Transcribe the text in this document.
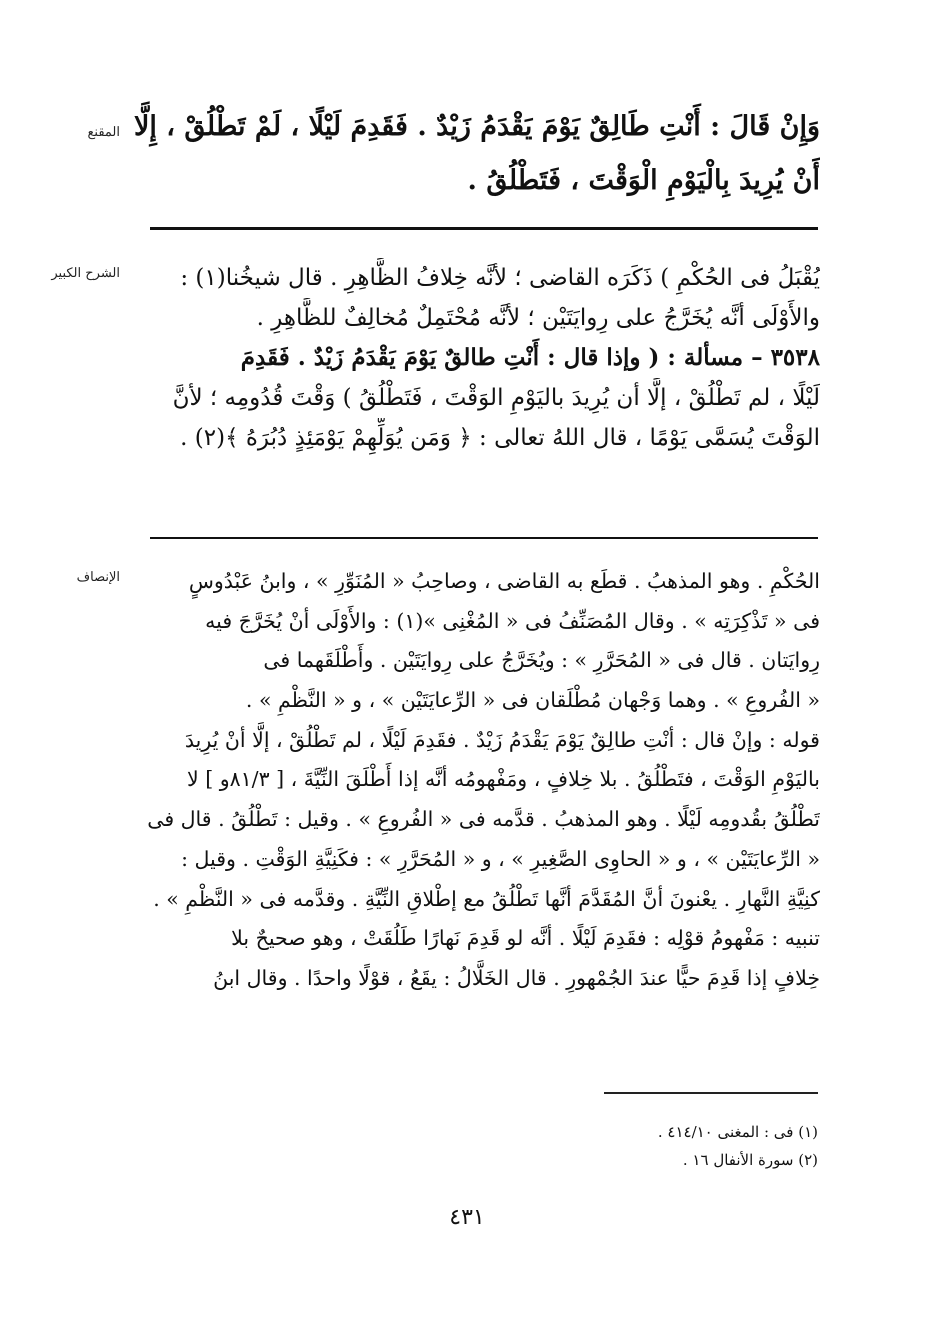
المقنع وَإِنْ قَالَ : أَنْتِ طَالِقٌ يَوْمَ يَقْدَمُ زَيْدٌ . فَقَدِمَ لَيْلًا ، لَمْ تَطْلُقْ ، إِلَّا
أَنْ يُرِيدَ بِالْيَوْمِ الْوَقْتَ ، فَتَطْلُقُ .
الشرح الكبير	يُقْبَلُ فى الحُكْمِ ) ذَكَرَه القاضى ؛ لأنَّه خِلافُ الظَّاهِرِ . قال شيخُنا(١) :
والأَوْلَى أنَّه يُخَرَّجُ على رِوايَتَيْن ؛ لأنَّه مُحْتَمِلٌ مُخالِفٌ للظَّاهِرِ .
٣٥٣٨ – مسألة : ( وإذا قال : أَنْتِ طالقٌ يَوْمَ يَقْدَمُ زَيْدٌ . فَقَدِمَ
لَيْلًا ، لم تَطْلُقْ ، إلَّا أن يُرِيدَ باليَوْمِ الوَقْتَ ، فَتَطْلُقُ ) وَقْتَ قُدُومِه ؛ لأنَّ
الوَقْتَ يُسَمَّى يَوْمًا ، قال اللهُ تعالى : ﴿ وَمَن يُوَلِّهِمْ يَوْمَئِذٍ دُبُرَهُ ﴾(٢) .
الإنصاف	الحُكْمِ . وهو المذهبُ . قطَع به القاضى ، وصاحِبُ « المُنَوِّرِ » ، وابنُ عَبْدُوسٍ
فى « تَذْكِرَتِه » . وقال المُصَنِّفُ فى « المُغْنِى »(١) : والأَوْلَى أنْ يُخَرَّجَ فيه
رِوايَتان . قال فى « المُحَرَّرِ » : ويُخَرَّجُ على رِوايَتَيْن . وأَطْلَقَهما فى
« الفُروعِ » . وهما وَجْهان مُطْلَقان فى « الرِّعايَتَيْن » ، و « النَّظْمِ » .
قوله : وإنْ قال : أنْتِ طالِقٌ يَوْمَ يَقْدَمُ زَيْدٌ . فقَدِمَ لَيْلًا ، لم تَطْلُقْ ، إلَّا أنْ يُرِيدَ
باليَوْمِ الوَقْتَ ، فتَطْلُقُ . بلا خِلافٍ ، ومَفْهومُه أنَّه إذا أَطْلَقَ النِّيَّةَ ، [ ٨١/٣و ] لا
تَطْلُقُ بقُدومِه لَيْلًا . وهو المذهبُ . قدَّمه فى « الفُروعِ » . وقيل : تَطْلُقُ . قال فى
« الرِّعايَتَيْن » ، و « الحاوِى الصَّغِيرِ » ، و « المُحَرَّرِ » : فكَنِيَّةِ الوَقْتِ . وقيل :
كنِيَّةِ النَّهارِ . يعْنونَ أنَّ المُقَدَّمَ أنَّها تَطْلُقُ مع إطْلاقِ النِّيَّةِ . وقدَّمه فى « النَّظْمِ » .
تنبيه : مَفْهومُ قوْلِه : فقَدِمَ لَيْلًا . أنَّه لو قَدِمَ نَهارًا طَلُقَتْ ، وهو صحيحٌ بلا
خِلافٍ إذا قَدِمَ حيًّا عندَ الجُمْهورِ . قال الخَلَّالُ : يقَعُ ، قوْلًا واحدًا . وقال ابنُ
(١) فى : المغنى ٤١٤/١٠ .
(٢) سورة الأنفال ١٦ .
٤٣١
